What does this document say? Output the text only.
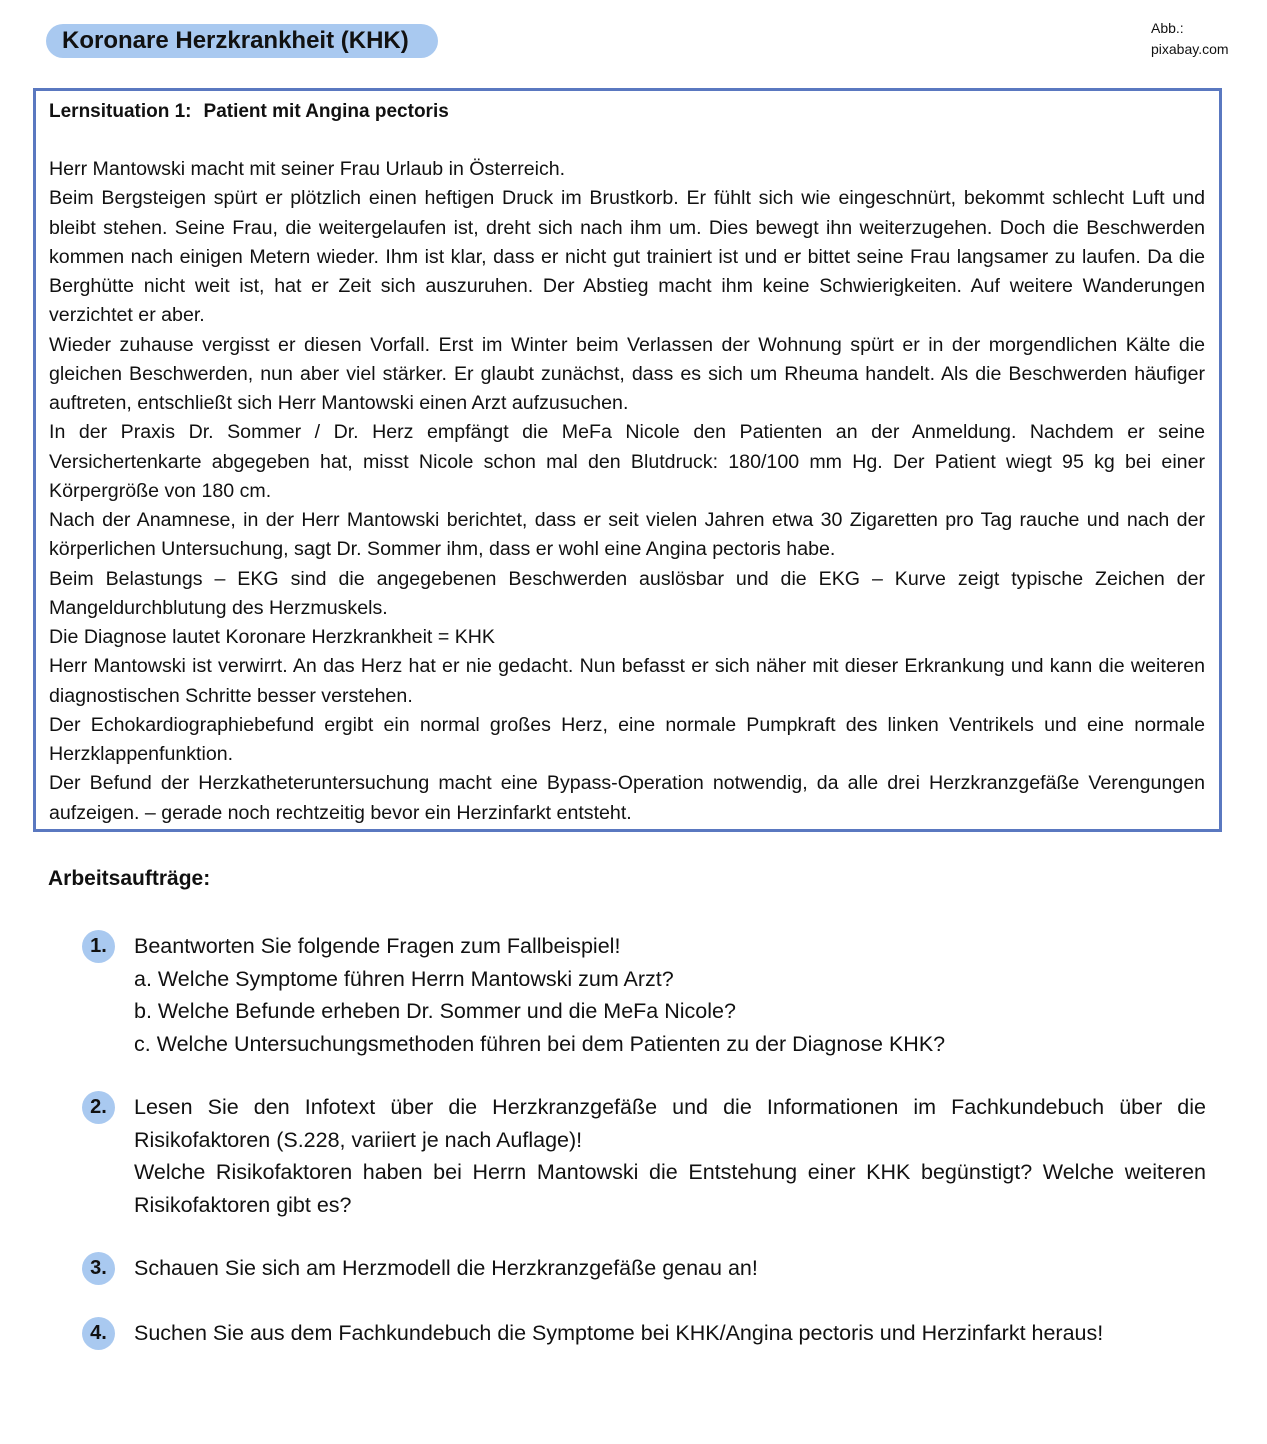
Koronare Herzkrankheit (KHK)	Abb.:
pixabay.com
Lernsituation 1: Patient mit Angina pectoris

Herr Mantowski macht mit seiner Frau Urlaub in Österreich.

Beim Bergsteigen spürt er plötzlich einen heftigen Druck im Brustkorb. Er fühlt sich wie eingeschnürt, bekommt schlecht Luft und bleibt stehen. Seine Frau, die weitergelaufen ist, dreht sich nach ihm um. Dies bewegt ihn weiterzugehen. Doch die Beschwerden kommen nach einigen Metern wieder. Ihm ist klar, dass er nicht gut trainiert ist und er bittet seine Frau langsamer zu laufen. Da die Berghütte nicht weit ist, hat er Zeit sich auszuruhen. Der Abstieg macht ihm keine Schwierigkeiten. Auf weitere Wanderungen verzichtet er aber.

Wieder zuhause vergisst er diesen Vorfall. Erst im Winter beim Verlassen der Wohnung spürt er in der morgendlichen Kälte die gleichen Beschwerden, nun aber viel stärker. Er glaubt zunächst, dass es sich um Rheuma handelt. Als die Beschwerden häufiger auftreten, entschließt sich Herr Mantowski einen Arzt aufzusuchen.

In der Praxis Dr. Sommer / Dr. Herz empfängt die MeFa Nicole den Patienten an der Anmeldung. Nachdem er seine Versichertenkarte abgegeben hat, misst Nicole schon mal den Blutdruck: 180/100 mm Hg. Der Patient wiegt 95 kg bei einer Körpergröße von 180 cm.

Nach der Anamnese, in der Herr Mantowski berichtet, dass er seit vielen Jahren etwa 30 Zigaretten pro Tag rauche und nach der körperlichen Untersuchung, sagt Dr. Sommer ihm, dass er wohl eine Angina pectoris habe.

Beim Belastungs – EKG sind die angegebenen Beschwerden auslösbar und die EKG – Kurve zeigt typische Zeichen der Mangeldurchblutung des Herzmuskels.

Die Diagnose lautet Koronare Herzkrankheit = KHK

Herr Mantowski ist verwirrt. An das Herz hat er nie gedacht. Nun befasst er sich näher mit dieser Erkrankung und kann die weiteren diagnostischen Schritte besser verstehen.

Der Echokardiographiebefund ergibt ein normal großes Herz, eine normale Pumpkraft des linken Ventrikels und eine normale Herzklappenfunktion.

Der Befund der Herzkatheteruntersuchung macht eine Bypass-Operation notwendig, da alle drei Herzkranzgefäße Verengungen aufzeigen. – gerade noch rechtzeitig bevor ein Herzinfarkt entsteht.

Arbeitsaufträge:
1.	Beantworten Sie folgende Fragen zum Fallbeispiel!

a. Welche Symptome führen Herrn Mantowski zum Arzt?
b. Welche Befunde erheben Dr. Sommer und die MeFa Nicole?
c. Welche Untersuchungsmethoden führen bei dem Patienten zu der Diagnose KHK?
2.	Lesen Sie den Infotext über die Herzkranzgefäße und die Informationen im Fachkundebuch über die Risikofaktoren (S.228, variiert je nach Auflage)!

Welche Risikofaktoren haben bei Herrn Mantowski die Entstehung einer KHK begünstigt? Welche weiteren Risikofaktoren gibt es?

3.	Schauen Sie sich am Herzmodell die Herzkranzgefäße genau an!

4.	Suchen Sie aus dem Fachkundebuch die Symptome bei KHK/Angina pectoris und Herzinfarkt heraus!
